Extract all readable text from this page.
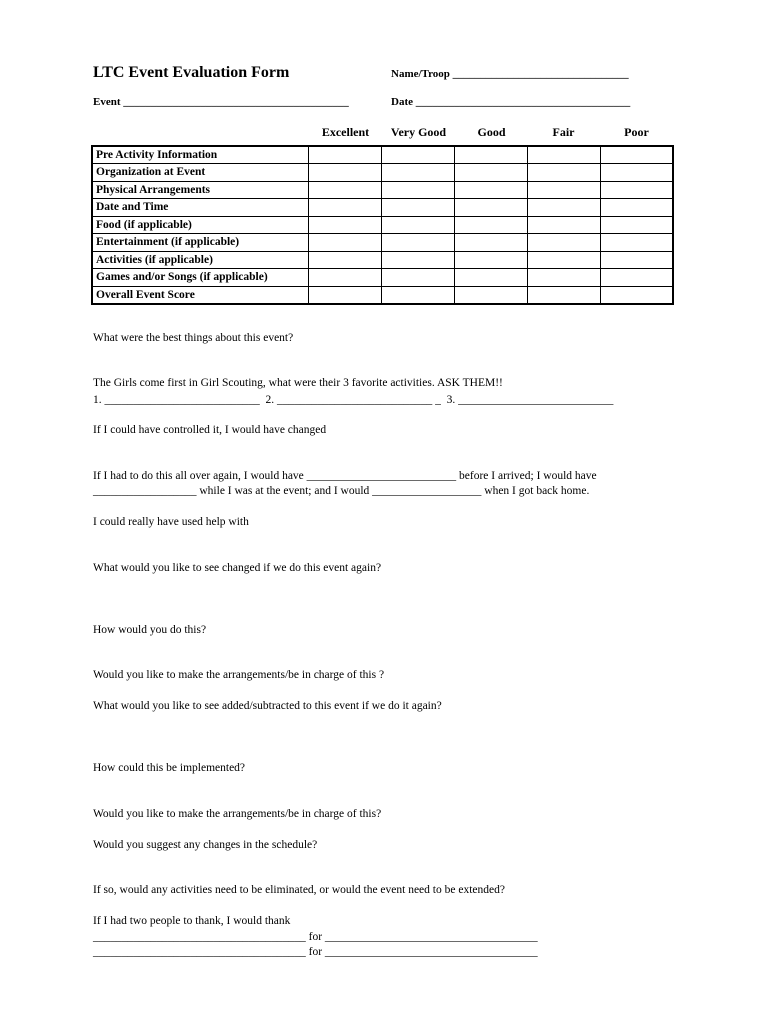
LTC Event Evaluation Form	Name/Troop ________________________________
Event _________________________________________	Date _______________________________________
Excellent	Very Good	Good	Fair	Poor
Pre Activity Information					
Organization at Event					
Physical Arrangements					
Date and Time					
Food (if applicable)					
Entertainment (if applicable)					
Activities (if applicable)					
Games and/or Songs (if applicable)					
Overall Event Score					
What were the best things about this event?
The Girls come first in Girl Scouting, what were their 3 favorite activities. ASK THEM!!
1. ___________________________  2. ___________________________ _  3. ___________________________
If I could have controlled it, I would have changed
If I had to do this all over again, I would have __________________________ before I arrived; I would have
__________________ while I was at the event; and I would ___________________ when I got back home.
I could really have used help with
What would you like to see changed if we do this event again?
How would you do this?
Would you like to make the arrangements/be in charge of this ?
What would you like to see added/subtracted to this event if we do it again?
How could this be implemented?
Would you like to make the arrangements/be in charge of this?
Would you suggest any changes in the schedule?
If so, would any activities need to be eliminated, or would the event need to be extended?
If I had two people to thank, I would thank
_____________________________________ for _____________________________________
_____________________________________ for _____________________________________
